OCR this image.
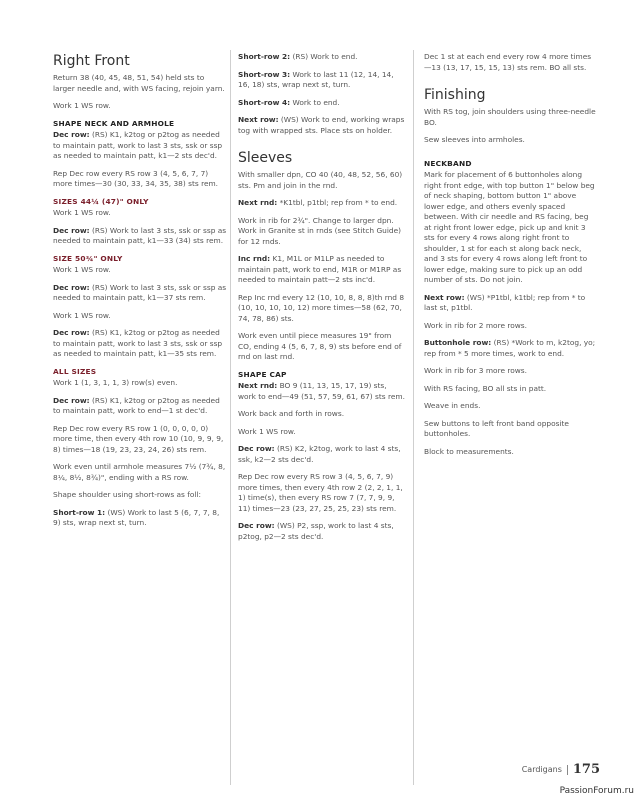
Right Front

Return 38 (40, 45, 48, 51, 54) held sts to larger needle and, with WS facing, rejoin yarn.

Work 1 WS row.

SHAPE NECK AND ARMHOLE

Dec row: (RS) K1, k2tog or p2tog as needed to maintain patt, work to last 3 sts, ssk or ssp as needed to maintain patt, k1—2 sts dec'd.

Rep Dec row every RS row 3 (4, 5, 6, 7, 7) more times—30 (30, 33, 34, 35, 38) sts rem.

SIZES 44¼ (47)" ONLY

Work 1 WS row.

Dec row: (RS) Work to last 3 sts, ssk or ssp as needed to maintain patt, k1—33 (34) sts rem.

SIZE 50¾" ONLY

Work 1 WS row.

Dec row: (RS) Work to last 3 sts, ssk or ssp as needed to maintain patt, k1—37 sts rem.

Work 1 WS row.

Dec row: (RS) K1, k2tog or p2tog as needed to maintain patt, work to last 3 sts, ssk or ssp as needed to maintain patt, k1—35 sts rem.

ALL SIZES

Work 1 (1, 3, 1, 1, 3) row(s) even.

Dec row: (RS) K1, k2tog or p2tog as needed to maintain patt, work to end—1 st dec'd.

Rep Dec row every RS row 1 (0, 0, 0, 0, 0) more time, then every 4th row 10 (10, 9, 9, 9, 8) times—18 (19, 23, 23, 24, 26) sts rem.

Work even until armhole measures 7½ (7¾, 8, 8¼, 8½, 8¾)", ending with a RS row.

Shape shoulder using short-rows as foll:

Short-row 1: (WS) Work to last 5 (6, 7, 7, 8, 9) sts, wrap next st, turn.

Short-row 2: (RS) Work to end.

Short-row 3: Work to last 11 (12, 14, 14, 16, 18) sts, wrap next st, turn.

Short-row 4: Work to end.

Next row: (WS) Work to end, working wraps tog with wrapped sts. Place sts on holder.

Sleeves

With smaller dpn, CO 40 (40, 48, 52, 56, 60) sts. Pm and join in the rnd.

Next rnd: *K1tbl, p1tbl; rep from * to end.

Work in rib for 2¾". Change to larger dpn. Work in Granite st in rnds (see Stitch Guide) for 12 rnds.

Inc rnd: K1, M1L or M1LP as needed to maintain patt, work to end, M1R or M1RP as needed to maintain patt—2 sts inc'd.

Rep Inc rnd every 12 (10, 10, 8, 8, 8)th rnd 8 (10, 10, 10, 10, 12) more times—58 (62, 70, 74, 78, 86) sts.

Work even until piece measures 19" from CO, ending 4 (5, 6, 7, 8, 9) sts before end of rnd on last rnd.

SHAPE CAP

Next rnd: BO 9 (11, 13, 15, 17, 19) sts, work to end—49 (51, 57, 59, 61, 67) sts rem.

Work back and forth in rows.

Work 1 WS row.

Dec row: (RS) K2, k2tog, work to last 4 sts, ssk, k2—2 sts dec'd.

Rep Dec row every RS row 3 (4, 5, 6, 7, 9) more times, then every 4th row 2 (2, 2, 1, 1, 1) time(s), then every RS row 7 (7, 7, 9, 9, 11) times—23 (23, 27, 25, 25, 23) sts rem.

Dec row: (WS) P2, ssp, work to last 4 sts, p2tog, p2—2 sts dec'd.

Dec 1 st at each end every row 4 more times—13 (13, 17, 15, 15, 13) sts rem. BO all sts.

Finishing

With RS tog, join shoulders using three-needle BO.

Sew sleeves into armholes.

NECKBAND

Mark for placement of 6 buttonholes along right front edge, with top button 1" below beg of neck shaping, bottom button 1" above lower edge, and others evenly spaced between. With cir needle and RS facing, beg at right front lower edge, pick up and knit 3 sts for every 4 rows along right front to shoulder, 1 st for each st along back neck, and 3 sts for every 4 rows along left front to lower edge, making sure to pick up an odd number of sts. Do not join.

Next row: (WS) *P1tbl, k1tbl; rep from * to last st, p1tbl.

Work in rib for 2 more rows.

Buttonhole row: (RS) *Work to m, k2tog, yo; rep from * 5 more times, work to end.

Work in rib for 3 more rows.

With RS facing, BO all sts in patt.

Weave in ends.

Sew buttons to left front band opposite buttonholes.

Block to measurements.

Cardigans 175
PassionForum.ru
